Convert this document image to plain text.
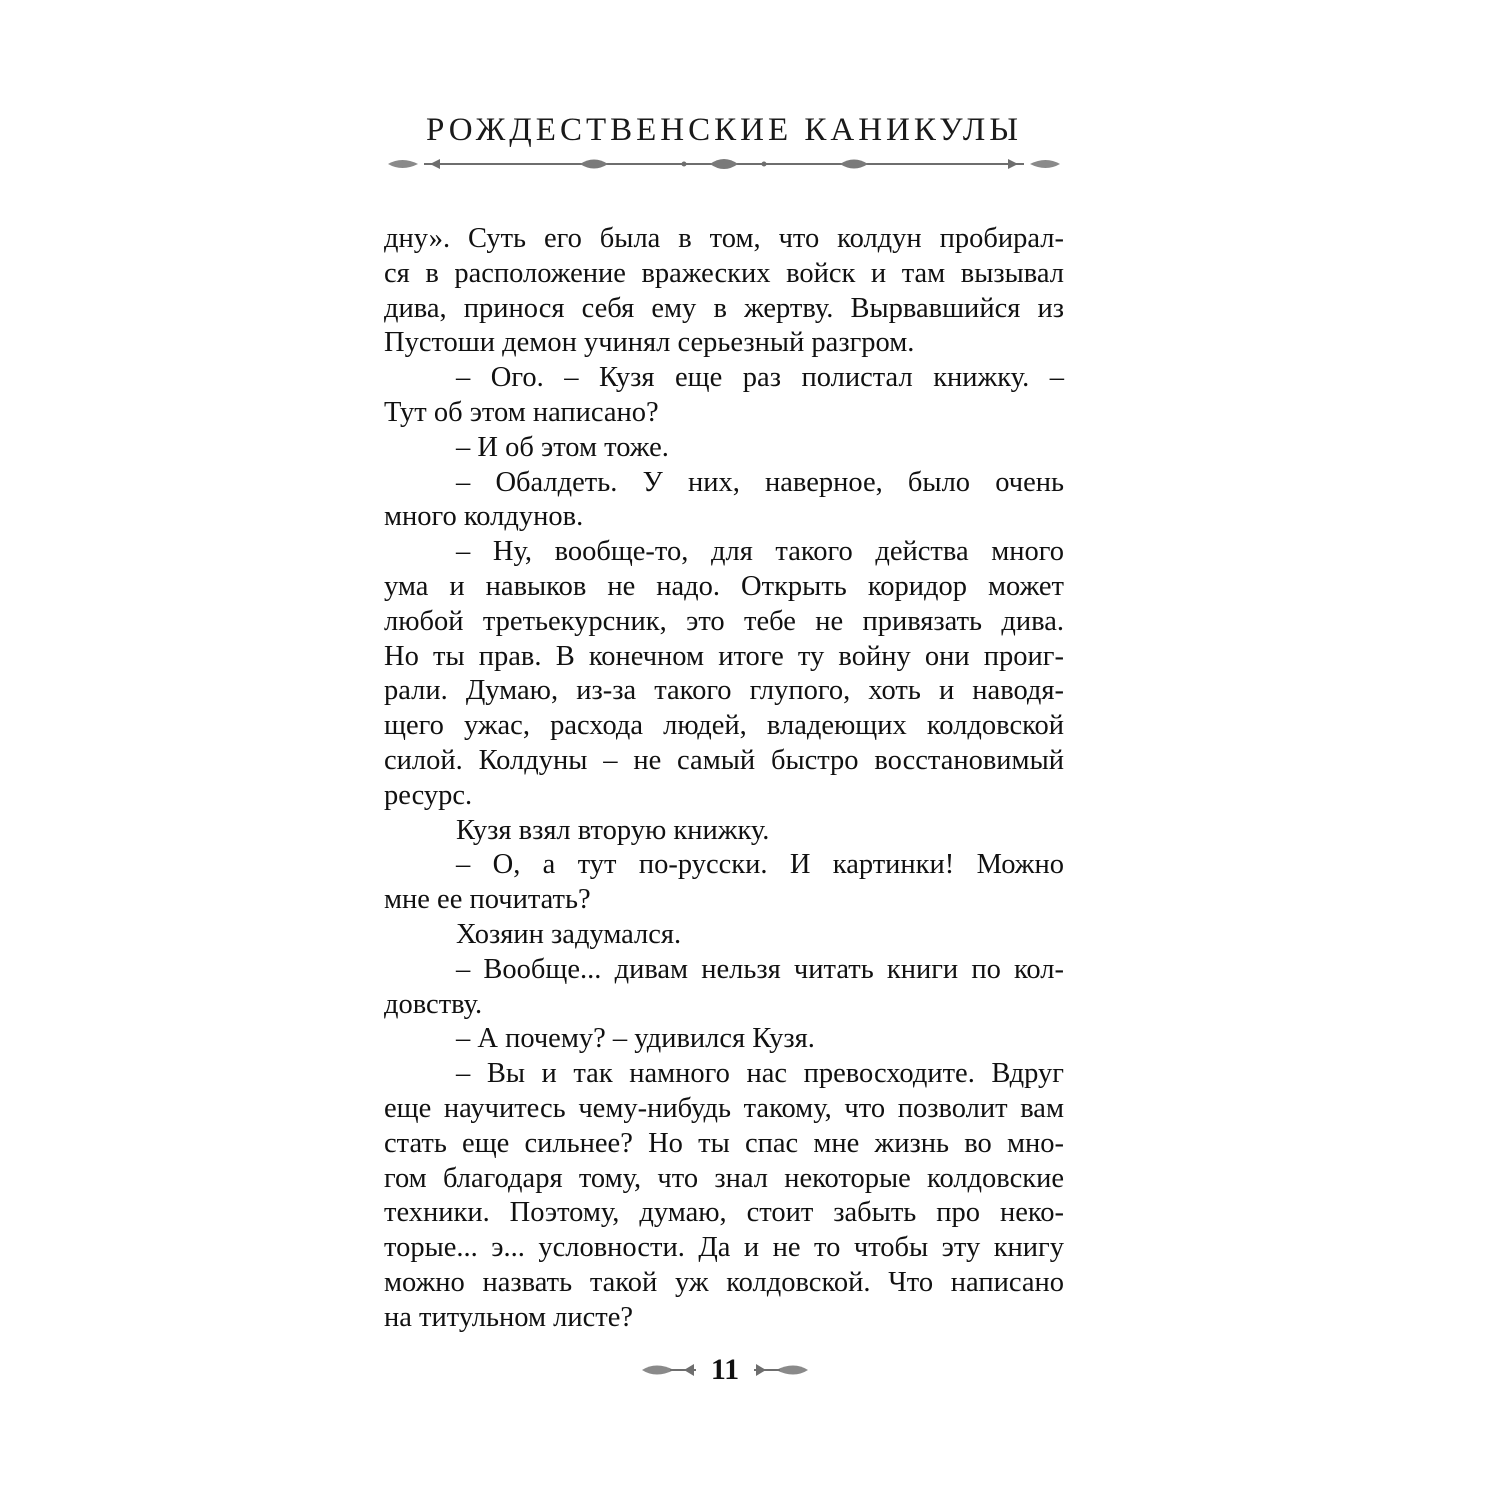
РОЖДЕСТВЕНСКИЕ КАНИКУЛЫ
дну». Суть его была в том, что колдун пробирал-
ся в расположение вражеских войск и там вызывал
дива, принося себя ему в жертву. Вырвавшийся из
Пустоши демон учинял серьезный разгром.
– Ого. – Кузя еще раз полистал книжку. –
Тут об этом написано?
– И об этом тоже.
– Обалдеть. У них, наверное, было очень
много колдунов.
– Ну, вообще-то, для такого действа много
ума и навыков не надо. Открыть коридор может
любой третьекурсник, это тебе не привязать дива.
Но ты прав. В конечном итоге ту войну они проиг-
рали. Думаю, из-за такого глупого, хоть и наводя-
щего ужас, расхода людей, владеющих колдовской
силой. Колдуны – не самый быстро восстановимый
ресурс.
Кузя взял вторую книжку.
– О, а тут по-русски. И картинки! Можно
мне ее почитать?
Хозяин задумался.
– Вообще... дивам нельзя читать книги по кол-
довству.
– А почему? – удивился Кузя.
– Вы и так намного нас превосходите. Вдруг
еще научитесь чему-нибудь такому, что позволит вам
стать еще сильнее? Но ты спас мне жизнь во мно-
гом благодаря тому, что знал некоторые колдовские
техники. Поэтому, думаю, стоит забыть про неко-
торые... э... условности. Да и не то чтобы эту книгу
можно назвать такой уж колдовской. Что написано
на титульном листе?
11
